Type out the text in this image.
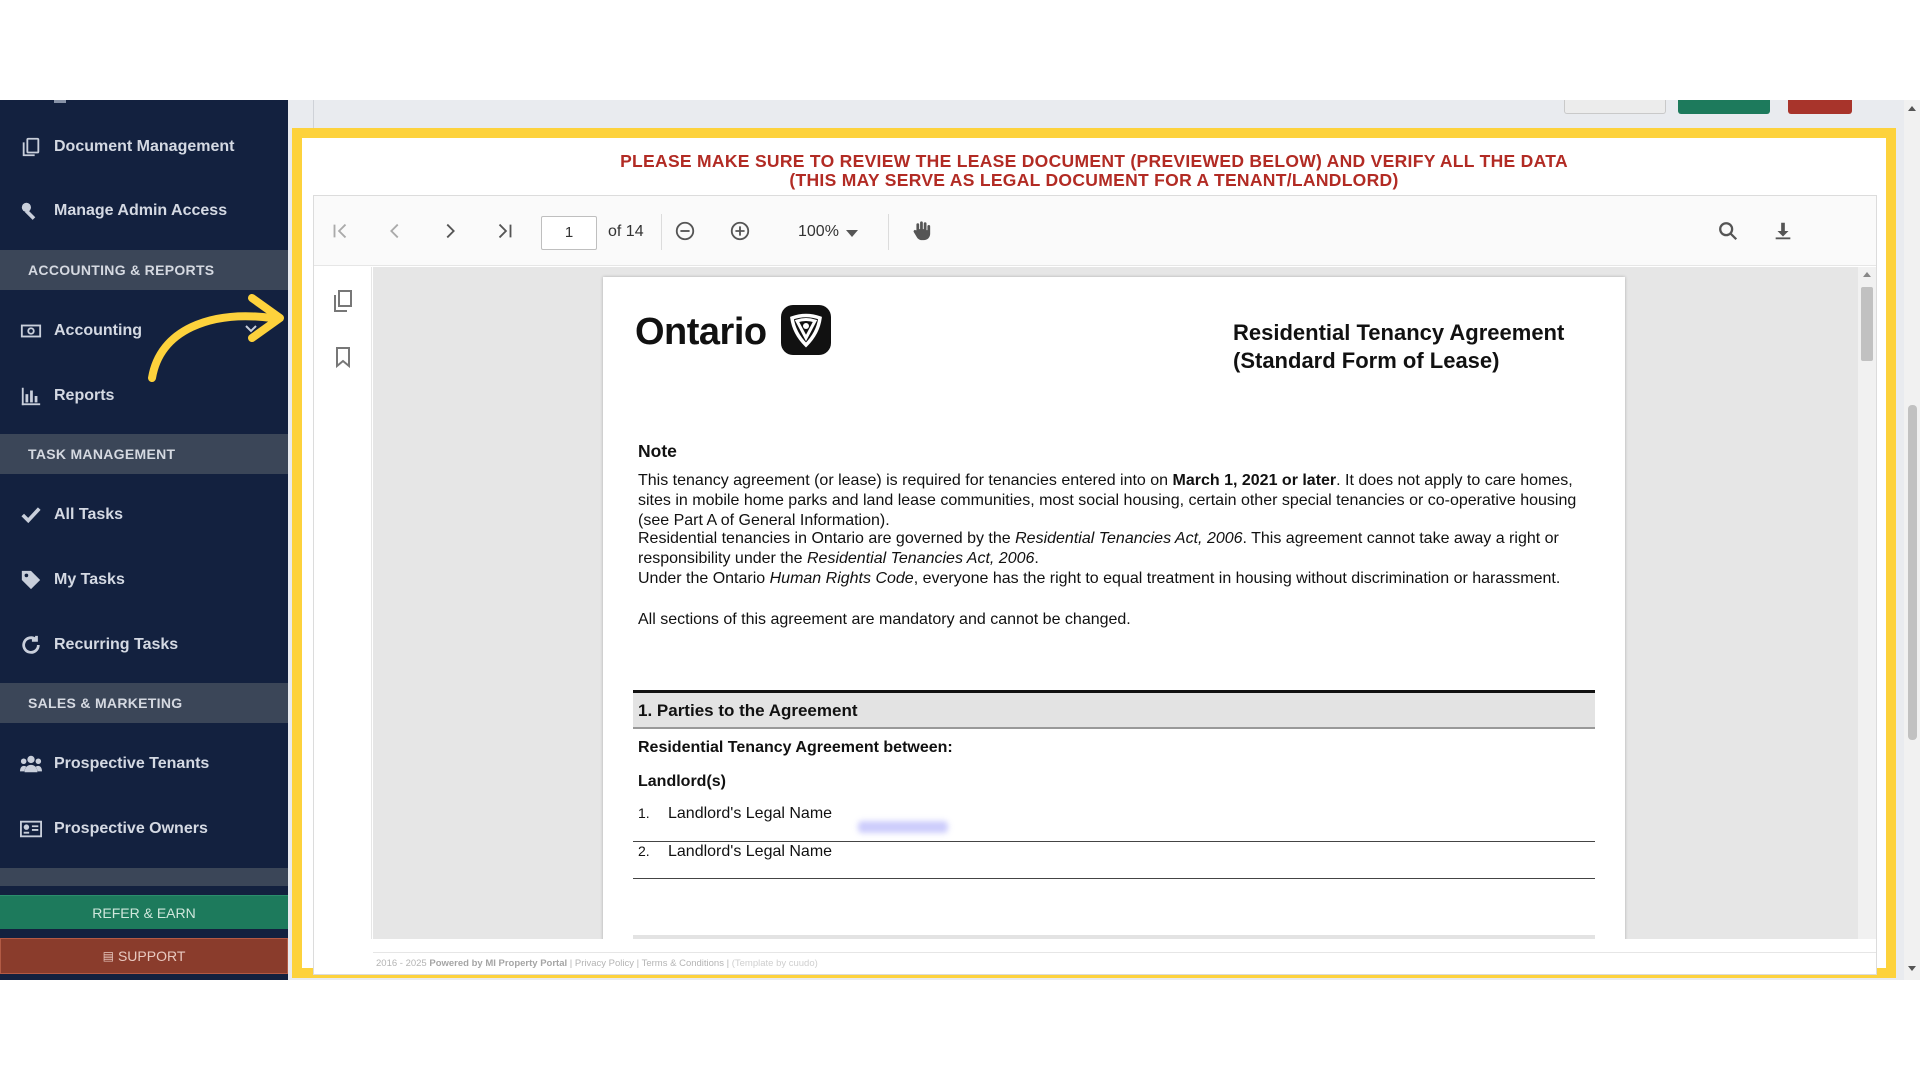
Document Management
Manage Admin Access
ACCOUNTING & REPORTS
Accounting
Reports
TASK MANAGEMENT
All Tasks
My Tasks
Recurring Tasks
SALES & MARKETING
Prospective Tenants
Prospective Owners
REFER & EARN
▤ SUPPORT
PLEASE MAKE SURE TO REVIEW THE LEASE DOCUMENT (PREVIEWED BELOW) AND VERIFY ALL THE DATA
(THIS MAY SERVE AS LEGAL DOCUMENT FOR A TENANT/LANDLORD)
1	of 14	100%
Ontario	Residential Tenancy Agreement
(Standard Form of Lease)
Note

This tenancy agreement (or lease) is required for tenancies entered into on March 1, 2021 or later. It does not apply to care homes, sites in mobile home parks and land lease communities, most social housing, certain other special tenancies or co-operative housing (see Part A of General Information).

Residential tenancies in Ontario are governed by the Residential Tenancies Act, 2006. This agreement cannot take away a right or responsibility under the Residential Tenancies Act, 2006.

Under the Ontario Human Rights Code, everyone has the right to equal treatment in housing without discrimination or harassment.

All sections of this agreement are mandatory and cannot be changed.

1. Parties to the Agreement
Residential Tenancy Agreement between:
Landlord(s)
1. Landlord's Legal Name
2. Landlord's Legal Name
2016 - 2025 Powered by MI Property Portal | Privacy Policy | Terms & Conditions | (Template by cuudo)
